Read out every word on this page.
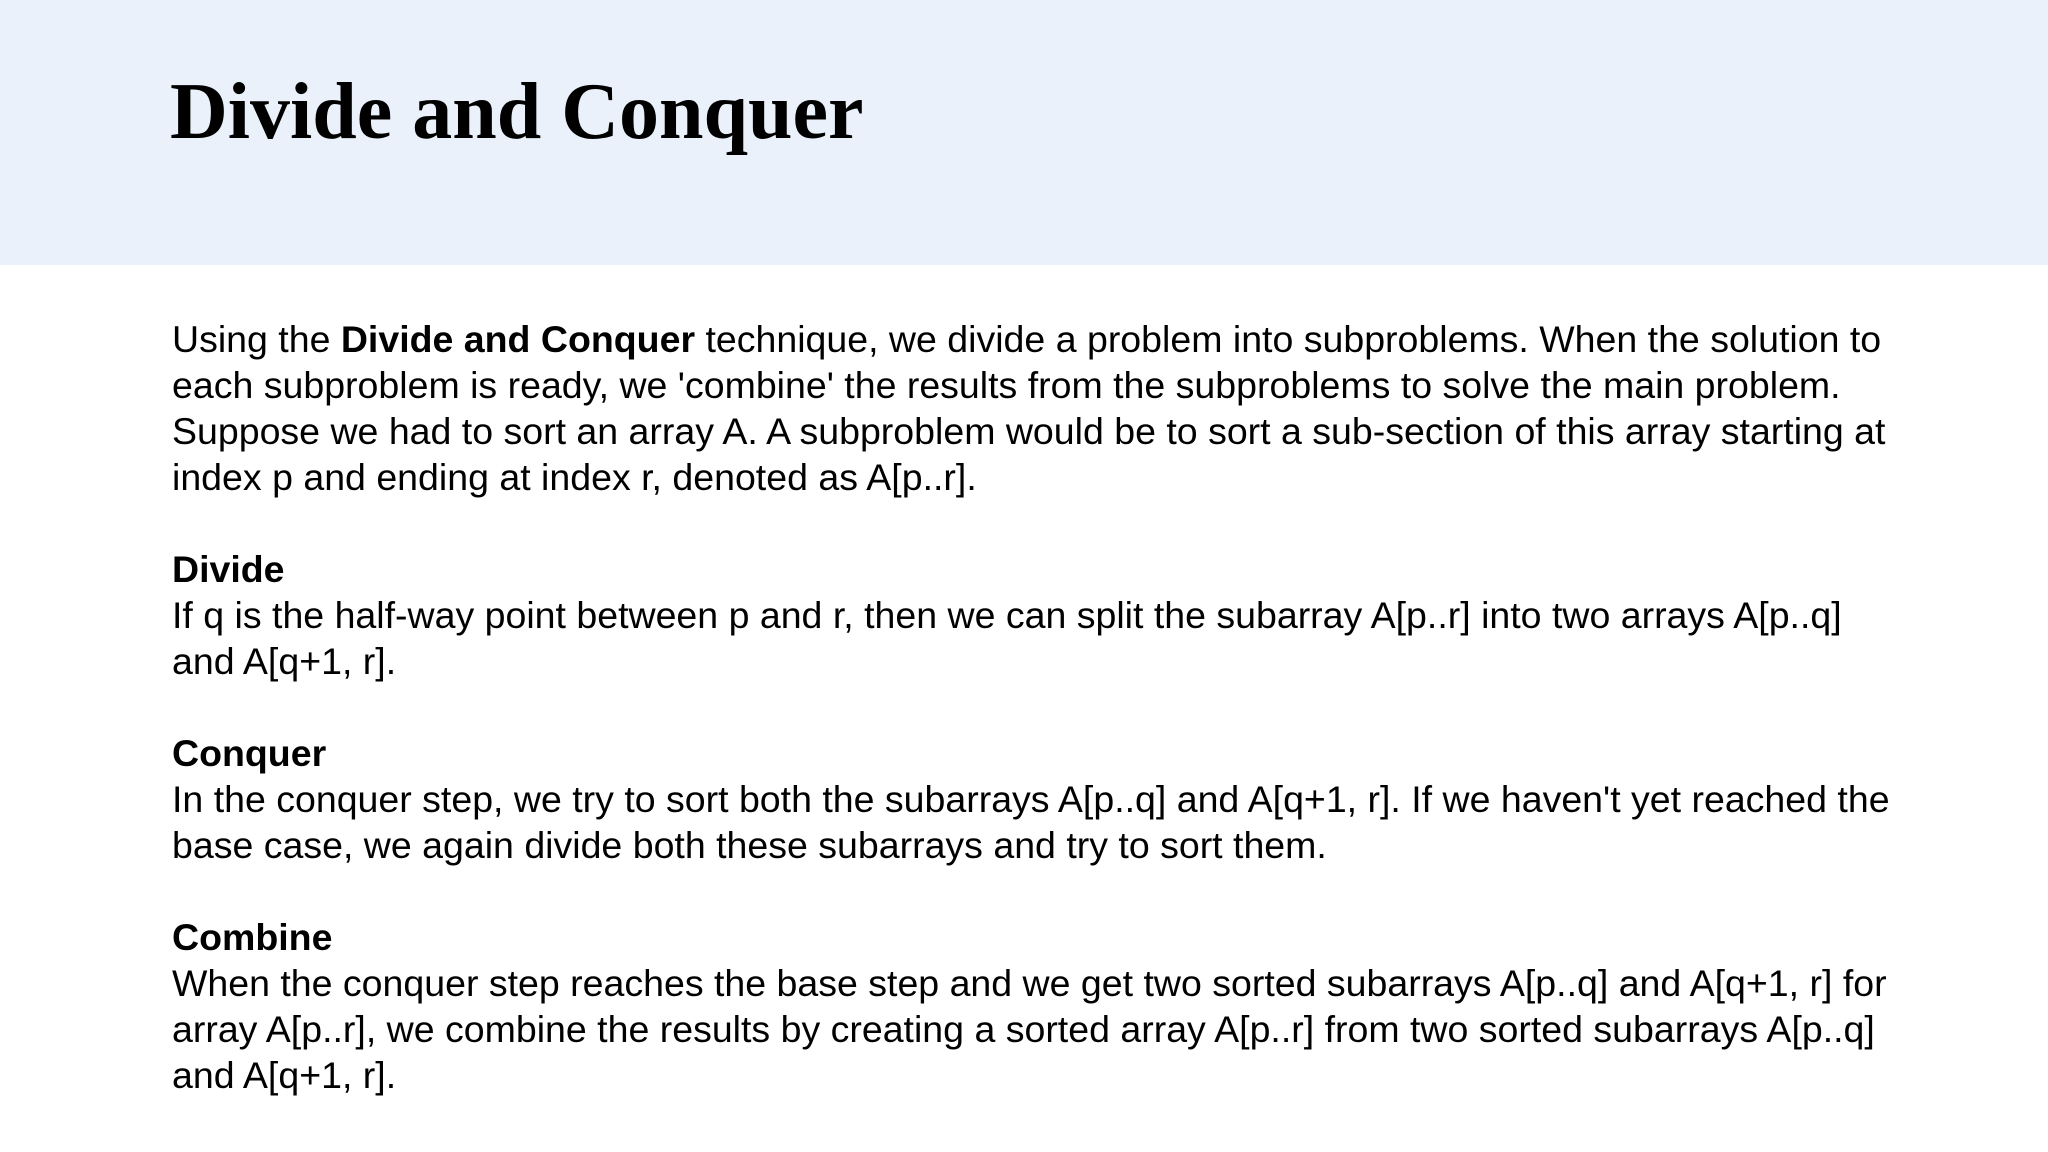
Divide and Conquer

Using the Divide and Conquer technique, we divide a problem into subproblems. When the solution to each subproblem is ready, we 'combine' the results from the subproblems to solve the main problem.

Suppose we had to sort an array A. A subproblem would be to sort a sub-section of this array starting at index p and ending at index r, denoted as A[p..r].

Divide

If q is the half-way point between p and r, then we can split the subarray A[p..r] into two arrays A[p..q] and A[q+1, r].

Conquer

In the conquer step, we try to sort both the subarrays A[p..q] and A[q+1, r]. If we haven't yet reached the base case, we again divide both these subarrays and try to sort them.

Combine

When the conquer step reaches the base step and we get two sorted subarrays A[p..q] and A[q+1, r] for array A[p..r], we combine the results by creating a sorted array A[p..r] from two sorted subarrays A[p..q] and A[q+1, r].
